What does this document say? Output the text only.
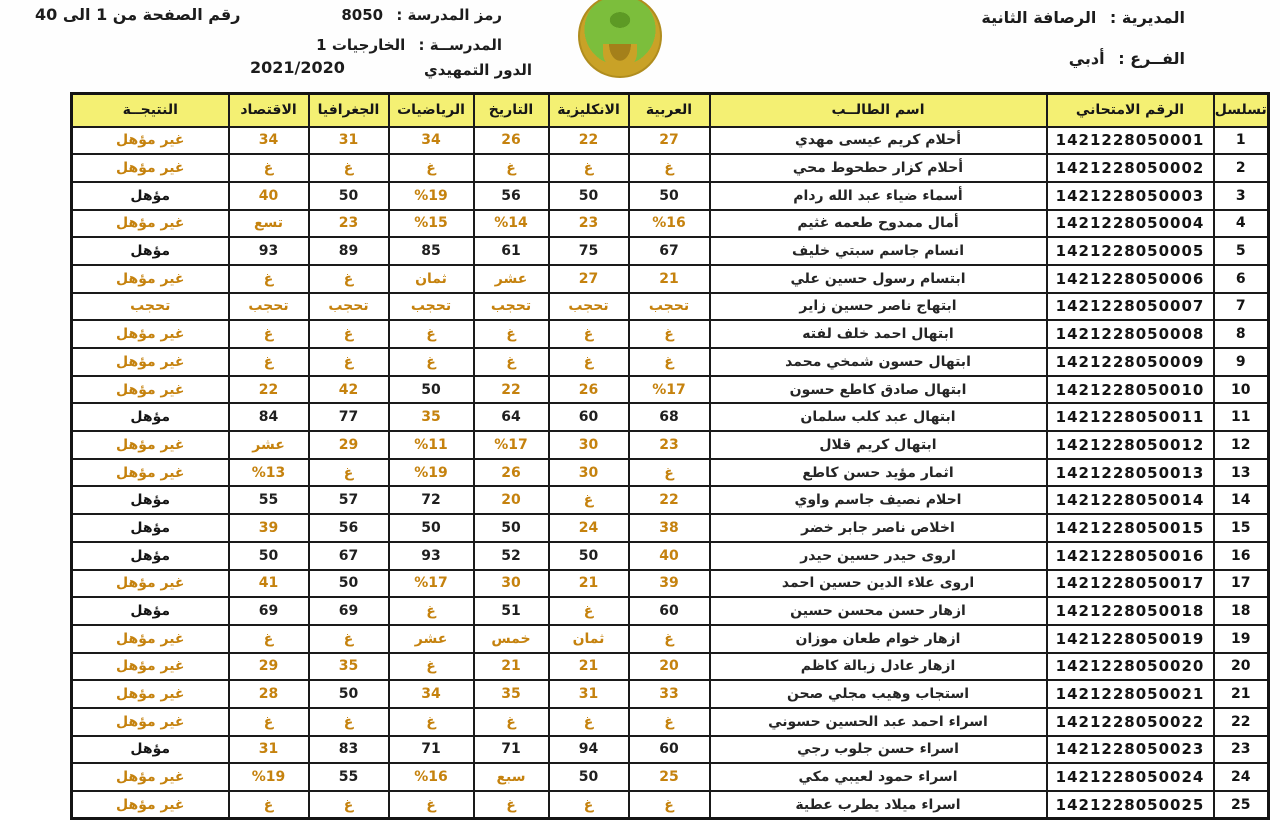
المديرية : الرصافة الثانية
الفــرع : أدبي
رمز المدرسة : 8050
المدرســة : الخارجيات 1
الدور التمهيدي
رقم الصفحة من 1 الى 40
2021/2020
تسلسل	الرقم الامتحاني	اسم الطالــب	العربية	الانكليزية	التاريخ	الرياضيات	الجغرافيا	الاقتصاد	النتيجــة
1	1421228050001	أحلام كريم عيسى مهدي	27	22	26	34	31	34	غير مؤهل
2	1421228050002	أحلام كزار حطحوط محي	غ	غ	غ	غ	غ	غ	غير مؤهل
3	1421228050003	أسماء ضياء عبد الله ردام	50	50	56	%19	50	40	مؤهل
4	1421228050004	أمال ممدوح طعمه غثيم	%16	23	%14	%15	23	تسع	غير مؤهل
5	1421228050005	انسام جاسم سبتي خليف	67	75	61	85	89	93	مؤهل
6	1421228050006	ابتسام رسول حسين علي	21	27	عشر	ثمان	غ	غ	غير مؤهل
7	1421228050007	ابتهاج ناصر حسين زاير	تحجب	تحجب	تحجب	تحجب	تحجب	تحجب	تحجب
8	1421228050008	ابتهال احمد خلف لفته	غ	غ	غ	غ	غ	غ	غير مؤهل
9	1421228050009	ابتهال حسون شمخي محمد	غ	غ	غ	غ	غ	غ	غير مؤهل
10	1421228050010	ابتهال صادق كاطع حسون	%17	26	22	50	42	22	غير مؤهل
11	1421228050011	ابتهال عبد كلب سلمان	68	60	64	35	77	84	مؤهل
12	1421228050012	ابتهال كريم قلال	23	30	%17	%11	29	عشر	غير مؤهل
13	1421228050013	اثمار مؤيد حسن كاطع	غ	30	26	%19	غ	%13	غير مؤهل
14	1421228050014	احلام نصيف جاسم واوي	22	غ	20	72	57	55	مؤهل
15	1421228050015	اخلاص ناصر جابر خضر	38	24	50	50	56	39	مؤهل
16	1421228050016	اروى حيدر حسين حيدر	40	50	52	93	67	50	مؤهل
17	1421228050017	اروى علاء الدين حسين احمد	39	21	30	%17	50	41	غير مؤهل
18	1421228050018	ازهار حسن محسن حسين	60	غ	51	غ	69	69	مؤهل
19	1421228050019	ازهار خوام طعان موزان	غ	ثمان	خمس	عشر	غ	غ	غير مؤهل
20	1421228050020	ازهار عادل زبالة كاظم	20	21	21	غ	35	29	غير مؤهل
21	1421228050021	استجاب وهيب مجلي صحن	33	31	35	34	50	28	غير مؤهل
22	1421228050022	اسراء احمد عبد الحسين حسوني	غ	غ	غ	غ	غ	غ	غير مؤهل
23	1421228050023	اسراء حسن جلوب رجي	60	94	71	71	83	31	مؤهل
24	1421228050024	اسراء حمود لعيبي مكي	25	50	سبع	%16	55	%19	غير مؤهل
25	1421228050025	اسراء ميلاد يطرب عطية	غ	غ	غ	غ	غ	غ	غير مؤهل
